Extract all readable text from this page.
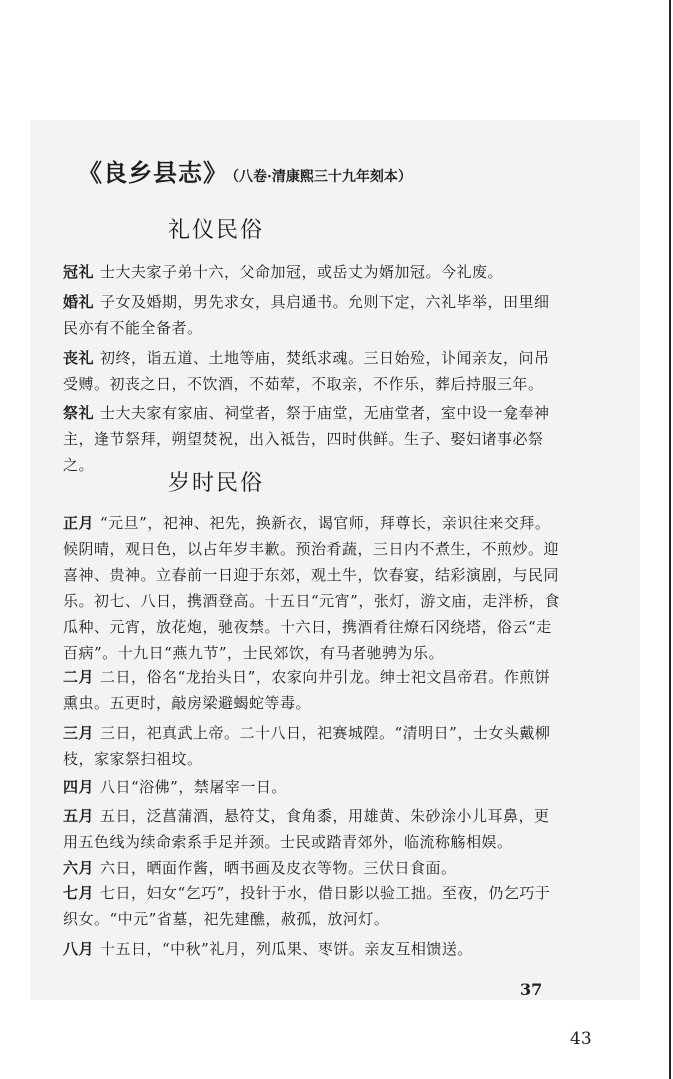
《良乡县志》 （八卷·清康熙三十九年刻本）
礼仪民俗
冠礼 士大夫家子弟十六，父命加冠，或岳丈为婿加冠。今礼废。
婚礼 子女及婚期，男先求女，具启通书。允则下定，六礼毕举，田里细民亦有不能全备者。
丧礼 初终，诣五道、土地等庙，焚纸求魂。三日始殓，讣闻亲友，问吊受赙。初丧之日，不饮酒，不茹荤，不取亲，不作乐，葬后持服三年。
祭礼 士大夫家有家庙、祠堂者，祭于庙堂，无庙堂者，室中设一龛奉神主，逢节祭拜，朔望焚祝，出入祗告，四时供鲜。生子、娶妇诸事必祭之。
岁时民俗
正月 “元旦”，祀神、祀先，换新衣，谒官师，拜尊长，亲识往来交拜。候阴晴，观日色，以占年岁丰歉。预治肴蔬，三日内不煮生，不煎炒。迎喜神、贵神。立春前一日迎于东郊，观土牛，饮春宴，结彩演剧，与民同乐。初七、八日，携酒登高。十五日“元宵”，张灯，游文庙，走泮桥，食瓜种、元宵，放花炮，驰夜禁。十六日，携酒肴往燎石冈绕塔，俗云“走百病”。十九日“燕九节”，士民郊饮，有马者驰骋为乐。
二月 二日，俗名“龙抬头日”，农家向井引龙。绅士祀文昌帝君。作煎饼熏虫。五更时，敲房梁避蝎蛇等毒。
三月 三日，祀真武上帝。二十八日，祀赛城隍。“清明日”，士女头戴柳枝，家家祭扫祖坟。
四月 八日“浴佛”，禁屠宰一日。
五月 五日，泛菖蒲酒，悬符艾，食角黍，用雄黄、朱砂涂小儿耳鼻，更用五色线为续命索系手足并颈。士民或踏青郊外，临流称觞相娱。
六月 六日，晒面作酱，晒书画及皮衣等物。三伏日食面。
七月 七日，妇女“乞巧”，投针于水，借日影以验工拙。至夜，仍乞巧于织女。“中元”省墓，祀先建醮，赦孤，放河灯。
八月 十五日，“中秋”礼月，列瓜果、枣饼。亲友互相馈送。
37
43
